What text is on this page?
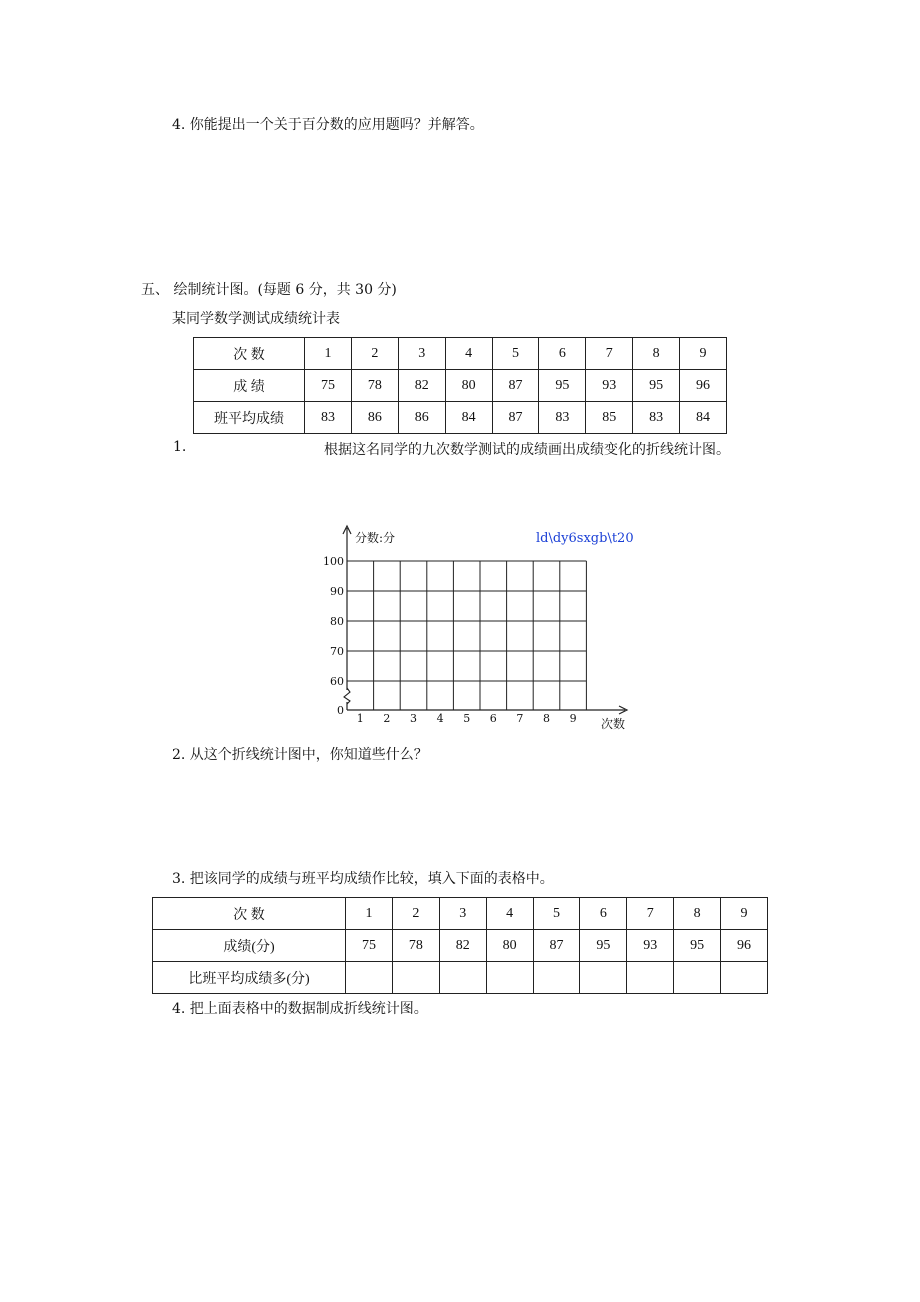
4. 你能提出一个关于百分数的应用题吗？并解答。
五、 绘制统计图。(每题 6 分，共 30 分)
某同学数学测试成绩统计表
次 数	1	2	3	4	5	6	7	8	9
成 绩	75	78	82	80	87	95	93	95	96
班平均成绩	83	86	86	84	87	83	85	83	84
1.	根据这名同学的九次数学测试的成绩画出成绩变化的折线统计图。
100
90
80
70
60
0
1 2 3 4 5 6 7 8 9
分数:分
次数
ld\dy6sxgb\t20
2. 从这个折线统计图中，你知道些什么？
3. 把该同学的成绩与班平均成绩作比较，填入下面的表格中。
次 数	1	2	3	4	5	6	7	8	9
成绩(分)	75	78	82	80	87	95	93	95	96
比班平均成绩多(分)									
4. 把上面表格中的数据制成折线统计图。
